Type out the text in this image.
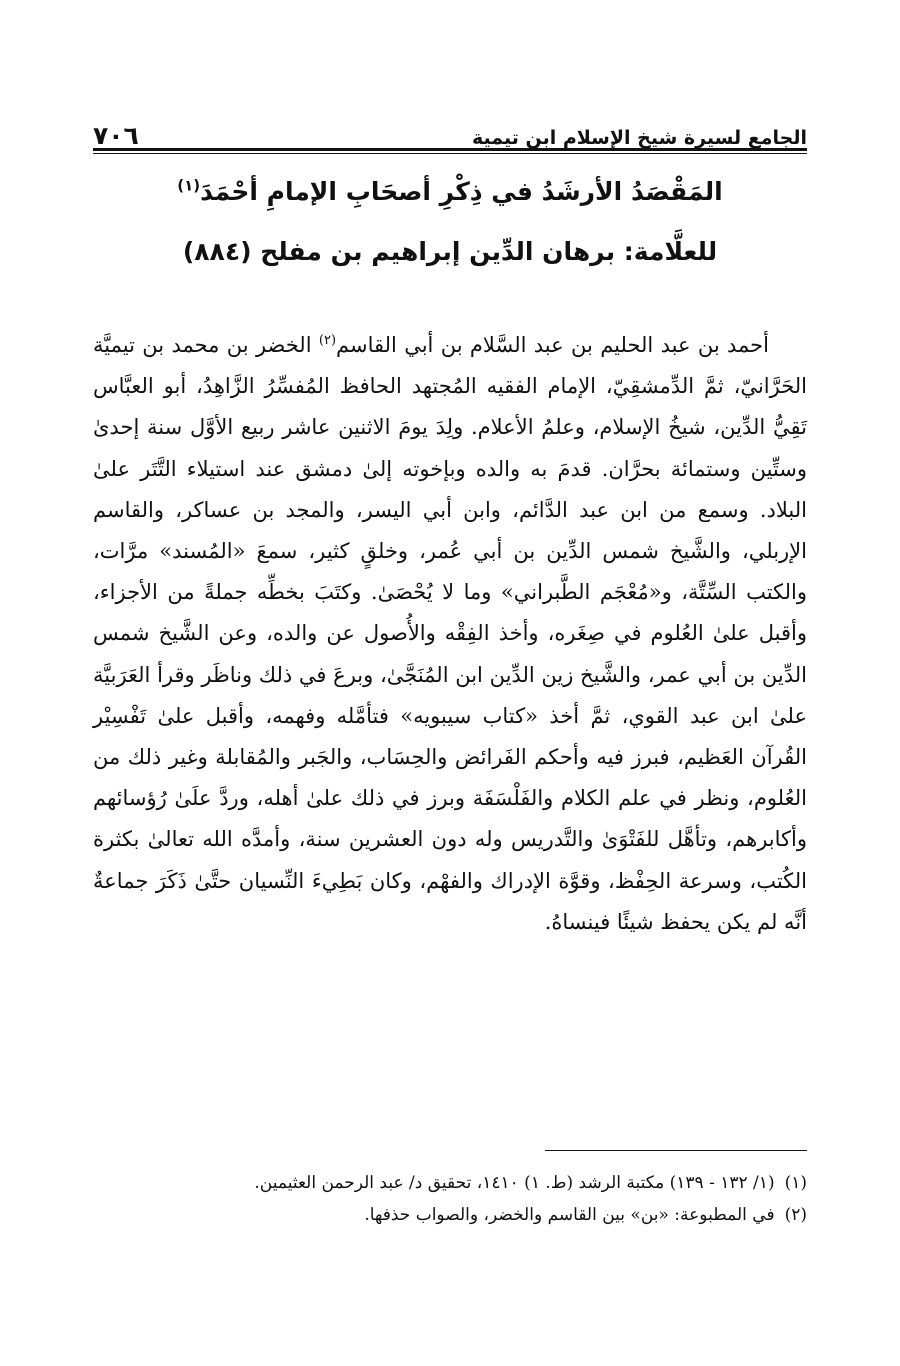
الجامع لسيرة شيخ الإسلام ابن تيمية
٧٠٦
المَقْصَدُ الأرشَدُ في ذِكْرِ أصحَابِ الإمامِ أحْمَدَ$^{(١)}$
للعلَّامة: برهان الدِّين إبراهيم بن مفلح (٨٨٤)
أحمد بن عبد الحليم بن عبد السَّلام بن أبي القاسم$^{(٢)}$ الخضر بن محمد بن تيميَّة الحَرَّانيّ، ثمَّ الدِّمشقِيّ، الإمام الفقيه المُجتهد الحافظ المُفسِّرُ الزَّاهِدُ، أبو العبَّاس تَقِيُّ الدِّين، شيخُ الإسلام، وعلمُ الأعلام. ولِدَ يومَ الاثنين عاشر ربيع الأوَّل سنة إحدىٰ وستِّين وستمائة بحرَّان. قدمَ به والده وبإخوته إلىٰ دمشق عند استيلاء التَّتَر علىٰ البلاد. وسمع من ابن عبد الدَّائم، وابن أبي اليسر، والمجد بن عساكر، والقاسم الإربلي، والشَّيخ شمس الدِّين بن أبي عُمر، وخلقٍ كثير، سمعَ «المُسند» مرَّات، والكتب السِّتَّة، و«مُعْجَم الطَّبراني» وما لا يُحْصَىٰ. وكتَبَ بخطِّه جملةً من الأجزاء، وأقبل علىٰ العُلوم في صِغَره، وأخذ الفِقْه والأُصول عن والده، وعن الشَّيخ شمس الدِّين بن أبي عمر، والشَّيخ زين الدِّين ابن المُنَجَّىٰ، وبرعَ في ذلك وناظَر وقرأ العَرَبيَّة علىٰ ابن عبد القوي، ثمَّ أخذ «كتاب سيبويه» فتأمَّله وفهمه، وأقبل علىٰ تَفْسِيْر القُرآن العَظيم، فبرز فيه وأحكم الفَرائض والحِسَاب، والجَبر والمُقابلة وغير ذلك من العُلوم، ونظر في علم الكلام والفَلْسَفَة وبرز في ذلك علىٰ أهله، وردَّ علَىٰ رُؤسائهم وأكابرهم، وتأهَّل للفَتْوَىٰ والتَّدريس وله دون العشرين سنة، وأمدَّه الله تعالىٰ بكثرة الكُتب، وسرعة الحِفْظ، وقوَّة الإدراك والفهْم، وكان بَطِيءَ النِّسيان حتَّىٰ ذَكَرَ جماعةٌ أنَّه لم يكن يحفظ شيئًا فينساهُ.
(١)
(١/ ١٣٢ - ١٣٩) مكتبة الرشد (ط. ١) ١٤١٠، تحقيق د/ عبد الرحمن العثيمين.
(٢)
في المطبوعة: «بن» بين القاسم والخضر، والصواب حذفها.
